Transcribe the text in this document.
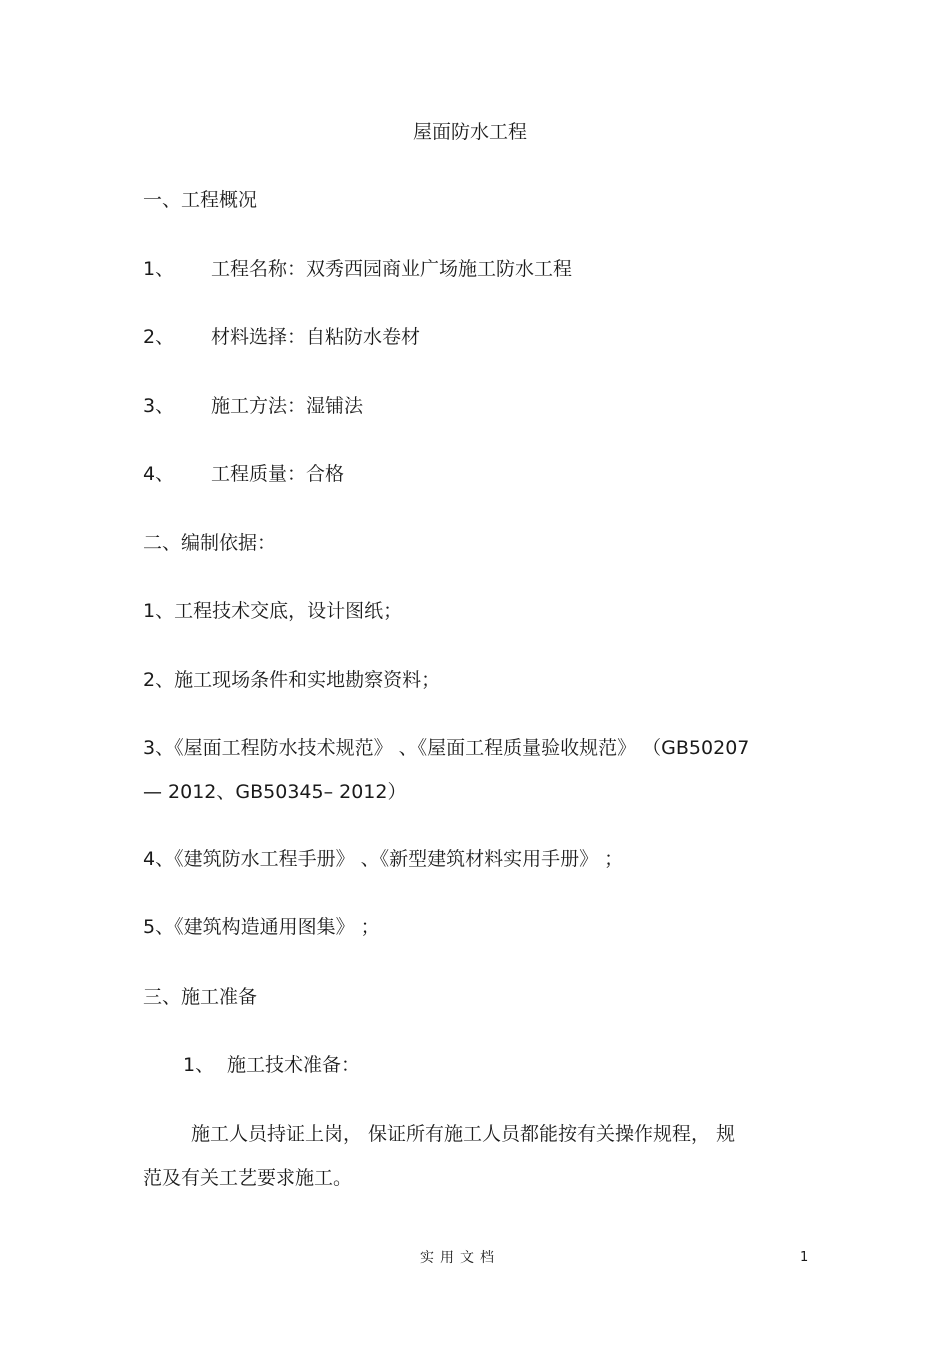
屋面防水工程
一、工程概况
1、 工程名称：双秀西园商业广场施工防水工程
2、 材料选择：自粘防水卷材
3、 施工方法：湿铺法
4、 工程质量：合格
二、编制依据：
1、工程技术交底，设计图纸；
2、施工现场条件和实地勘察资料；
3、《屋面工程防水技术规范》 、《屋面工程质量验收规范》 （GB50207
— 2012、GB50345– 2012）
4、《建筑防水工程手册》 、《新型建筑材料实用手册》 ；
5、《建筑构造通用图集》 ；
三、施工准备
1、 施工技术准备：
施工人员持证上岗， 保证所有施工人员都能按有关操作规程， 规
范及有关工艺要求施工。
实用文档	1
